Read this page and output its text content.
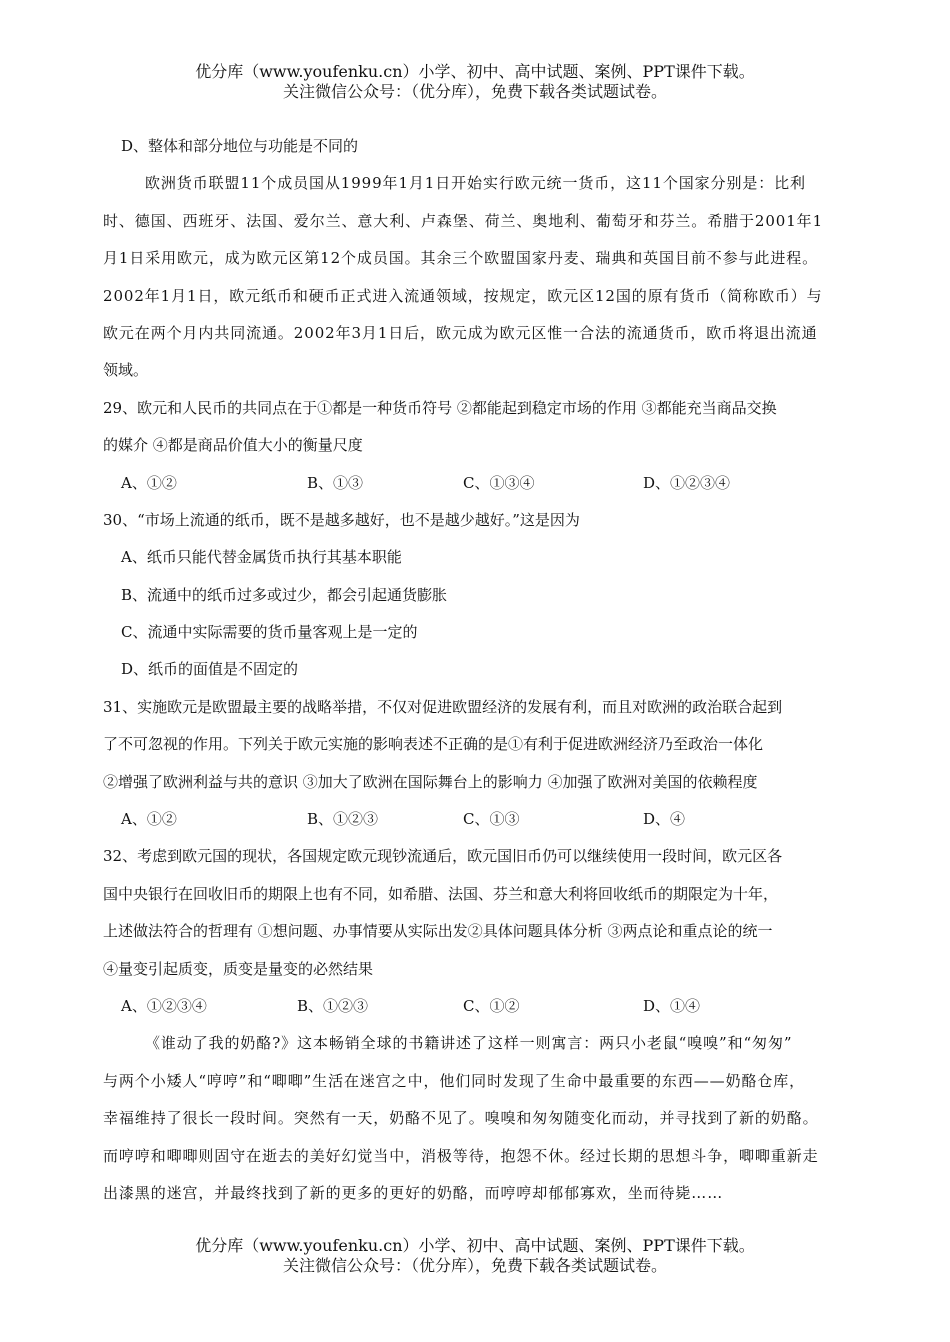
优分库（www.youfenku.cn）小学、初中、高中试题、案例、PPT课件下载。
关注微信公众号：（优分库），免费下载各类试题试卷。
D、整体和部分地位与功能是不同的
欧洲货币联盟11个成员国从1999年1月1日开始实行欧元统一货币，这11个国家分别是：比利
时、德国、西班牙、法国、爱尔兰、意大利、卢森堡、荷兰、奥地利、葡萄牙和芬兰。希腊于2001年1
月1日采用欧元，成为欧元区第12个成员国。其余三个欧盟国家丹麦、瑞典和英国目前不参与此进程。
2002年1月1日，欧元纸币和硬币正式进入流通领域，按规定，欧元区12国的原有货币（简称欧币）与
欧元在两个月内共同流通。2002年3月1日后，欧元成为欧元区惟一合法的流通货币，欧币将退出流通
领域。
29、欧元和人民币的共同点在于①都是一种货币符号 ②都能起到稳定市场的作用 ③都能充当商品交换
的媒介 ④都是商品价值大小的衡量尺度
A、①②	B、①③	C、①③④	D、①②③④
30、“市场上流通的纸币，既不是越多越好，也不是越少越好。”这是因为
A、纸币只能代替金属货币执行其基本职能
B、流通中的纸币过多或过少，都会引起通货膨胀
C、流通中实际需要的货币量客观上是一定的
D、纸币的面值是不固定的
31、实施欧元是欧盟最主要的战略举措，不仅对促进欧盟经济的发展有利，而且对欧洲的政治联合起到
了不可忽视的作用。下列关于欧元实施的影响表述不正确的是①有利于促进欧洲经济乃至政治一体化
②增强了欧洲利益与共的意识 ③加大了欧洲在国际舞台上的影响力 ④加强了欧洲对美国的依赖程度
A、①②	B、①②③	C、①③	D、④
32、考虑到欧元国的现状，各国规定欧元现钞流通后，欧元国旧币仍可以继续使用一段时间，欧元区各
国中央银行在回收旧币的期限上也有不同，如希腊、法国、芬兰和意大利将回收纸币的期限定为十年，
上述做法符合的哲理有 ①想问题、办事情要从实际出发②具体问题具体分析 ③两点论和重点论的统一
④量变引起质变，质变是量变的必然结果
A、①②③④	B、①②③	C、①②	D、①④
《谁动了我的奶酪?》这本畅销全球的书籍讲述了这样一则寓言：两只小老鼠“嗅嗅”和“匆匆”
与两个小矮人“哼哼”和“唧唧”生活在迷宫之中，他们同时发现了生命中最重要的东西——奶酪仓库，
幸福维持了很长一段时间。突然有一天，奶酪不见了。嗅嗅和匆匆随变化而动，并寻找到了新的奶酪。
而哼哼和唧唧则固守在逝去的美好幻觉当中，消极等待，抱怨不休。经过长期的思想斗争，唧唧重新走
出漆黑的迷宫，并最终找到了新的更多的更好的奶酪，而哼哼却郁郁寡欢，坐而待毙……
优分库（www.youfenku.cn）小学、初中、高中试题、案例、PPT课件下载。
关注微信公众号：（优分库），免费下载各类试题试卷。
